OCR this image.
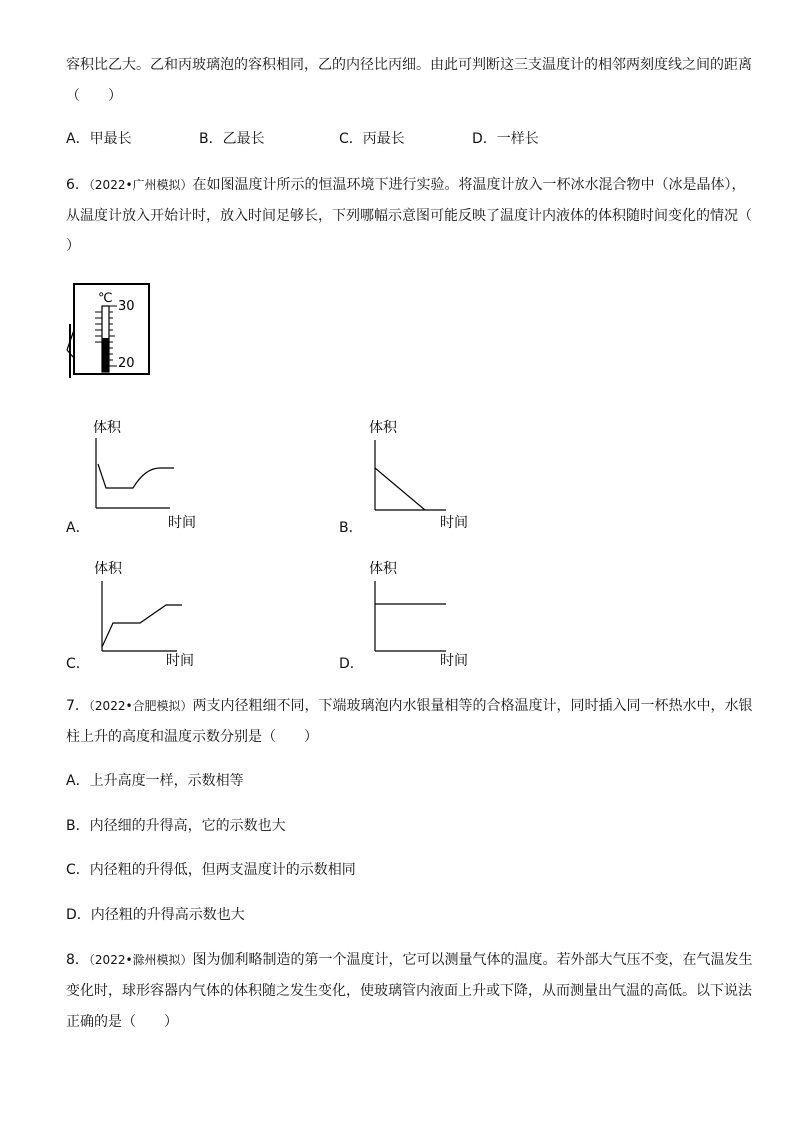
容积比乙大。乙和丙玻璃泡的容积相同，乙的内径比丙细。由此可判断这三支温度计的相邻两刻度线之间的距离
（　　）
A．甲最长	B．乙最长	C．丙最长	D．一样长
6．（2022•广州模拟）在如图温度计所示的恒温环境下进行实验。将温度计放入一杯冰水混合物中（冰是晶体），
从温度计放入开始计时，放入时间足够长，下列哪幅示意图可能反映了温度计内液体的体积随时间变化的情况（
）
℃
30
20
A．
体积
时间	B．
体积
时间
C．
体积
时间	D．
体积
时间
7．（2022•合肥模拟）两支内径粗细不同，下端玻璃泡内水银量相等的合格温度计，同时插入同一杯热水中，水银
柱上升的高度和温度示数分别是（　　）
A．上升高度一样，示数相等
B．内径细的升得高，它的示数也大
C．内径粗的升得低，但两支温度计的示数相同
D．内径粗的升得高示数也大
8．（2022•滁州模拟）图为伽利略制造的第一个温度计，它可以测量气体的温度。若外部大气压不变，在气温发生
变化时，球形容器内气体的体积随之发生变化，使玻璃管内液面上升或下降，从而测量出气温的高低。以下说法
正确的是（　　）
